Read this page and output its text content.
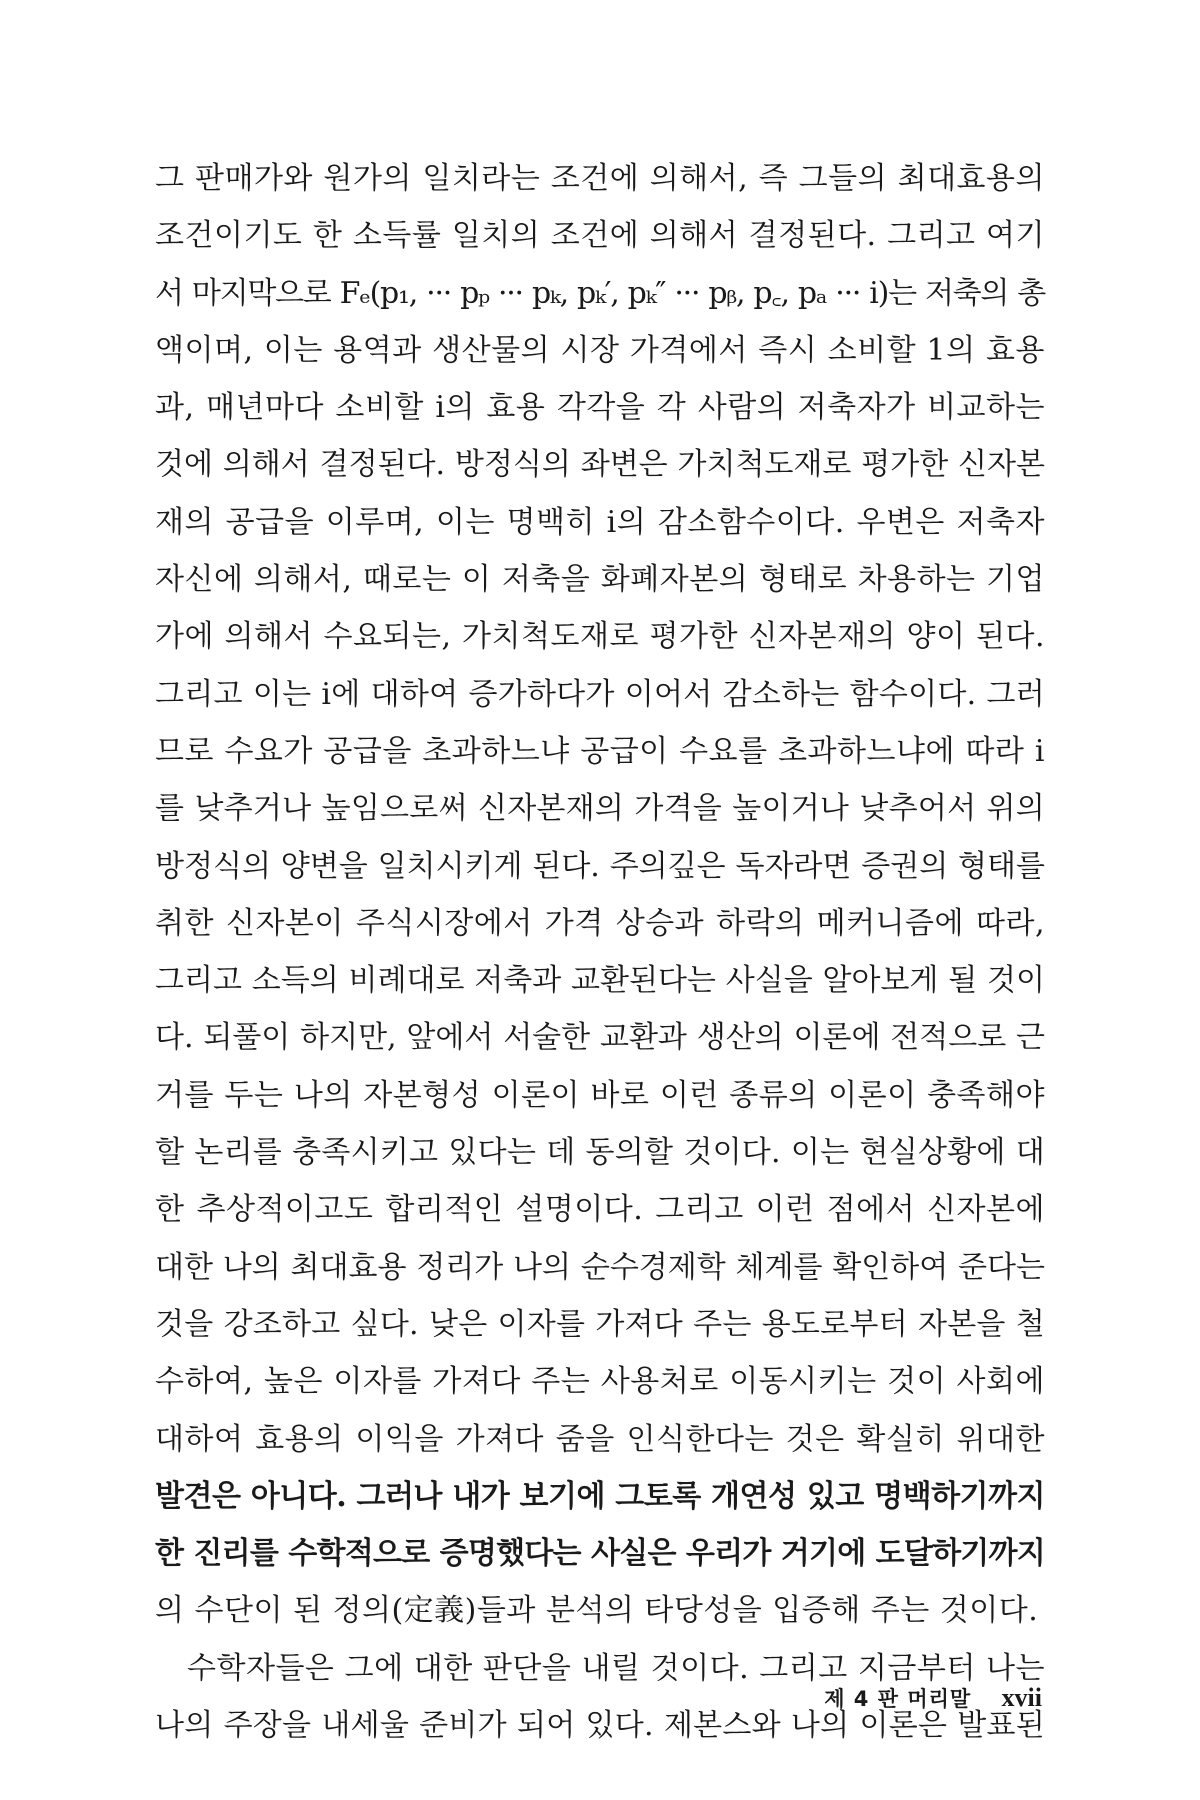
그 판매가와 원가의 일치라는 조건에 의해서, 즉 그들의 최대효용의
조건이기도 한 소득률 일치의 조건에 의해서 결정된다. 그리고 여기
서 마지막으로 Fₑ(p₁, ··· pₚ ··· pₖ, pₖ′, pₖ″ ··· pᵦ, p꜀, pₐ ··· i)는 저축의 총
액이며, 이는 용역과 생산물의 시장 가격에서 즉시 소비할 1의 효용
과, 매년마다 소비할 i의 효용 각각을 각 사람의 저축자가 비교하는
것에 의해서 결정된다. 방정식의 좌변은 가치척도재로 평가한 신자본
재의 공급을 이루며, 이는 명백히 i의 감소함수이다. 우변은 저축자
자신에 의해서, 때로는 이 저축을 화폐자본의 형태로 차용하는 기업
가에 의해서 수요되는, 가치척도재로 평가한 신자본재의 양이 된다.
그리고 이는 i에 대하여 증가하다가 이어서 감소하는 함수이다. 그러
므로 수요가 공급을 초과하느냐 공급이 수요를 초과하느냐에 따라 i
를 낮추거나 높임으로써 신자본재의 가격을 높이거나 낮추어서 위의
방정식의 양변을 일치시키게 된다. 주의깊은 독자라면 증권의 형태를
취한 신자본이 주식시장에서 가격 상승과 하락의 메커니즘에 따라,
그리고 소득의 비례대로 저축과 교환된다는 사실을 알아보게 될 것이
다. 되풀이 하지만, 앞에서 서술한 교환과 생산의 이론에 전적으로 근
거를 두는 나의 자본형성 이론이 바로 이런 종류의 이론이 충족해야
할 논리를 충족시키고 있다는 데 동의할 것이다. 이는 현실상황에 대
한 추상적이고도 합리적인 설명이다. 그리고 이런 점에서 신자본에
대한 나의 최대효용 정리가 나의 순수경제학 체계를 확인하여 준다는
것을 강조하고 싶다. 낮은 이자를 가져다 주는 용도로부터 자본을 철
수하여, 높은 이자를 가져다 주는 사용처로 이동시키는 것이 사회에
대하여 효용의 이익을 가져다 줌을 인식한다는 것은 확실히 위대한
발견은 아니다. 그러나 내가 보기에 그토록 개연성 있고 명백하기까지
한 진리를 수학적으로 증명했다는 사실은 우리가 거기에 도달하기까지
의 수단이 된 정의(定義)들과 분석의 타당성을 입증해 주는 것이다.
수학자들은 그에 대한 판단을 내릴 것이다. 그리고 지금부터 나는
나의 주장을 내세울 준비가 되어 있다. 제본스와 나의 이론은 발표된
제 4 판 머리말 xvii
